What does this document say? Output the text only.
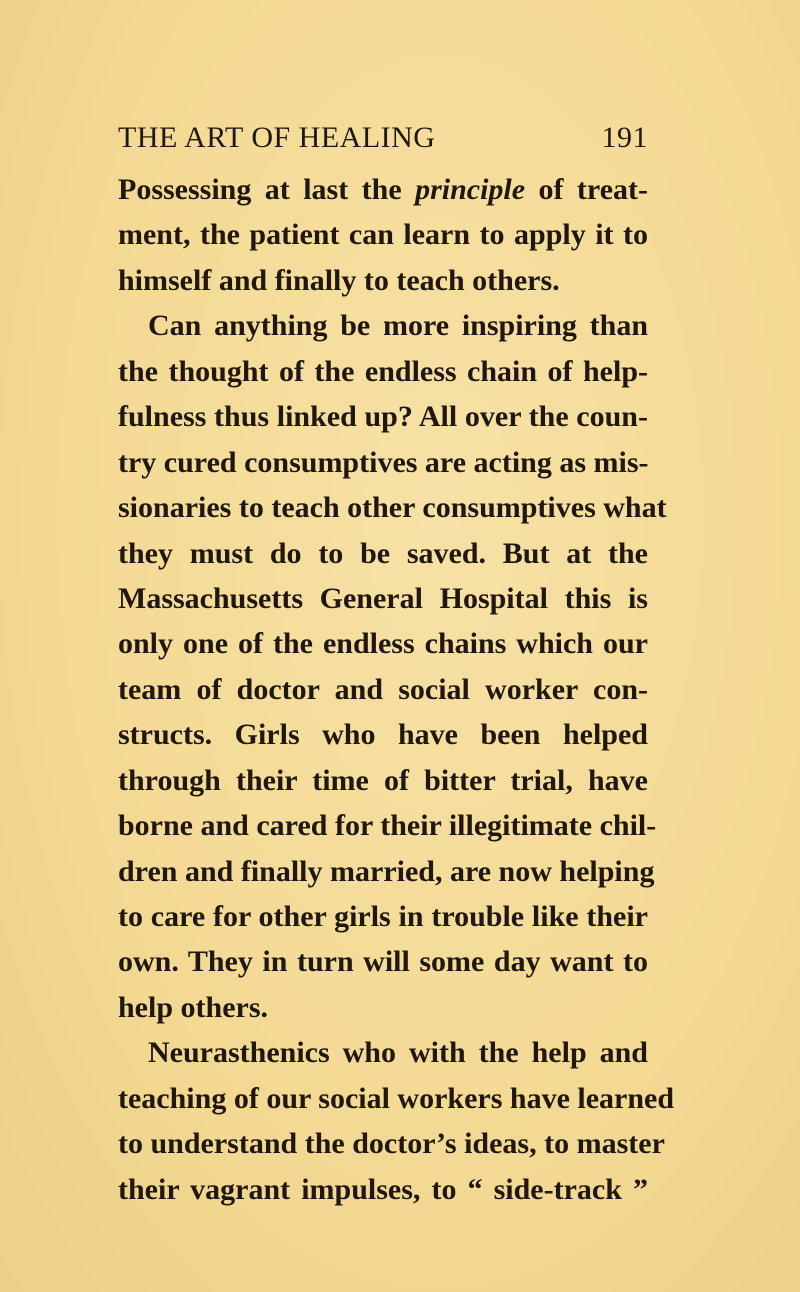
THE ART OF HEALING	191
Possessing at last the principle of treat-
ment, the patient can learn to apply it to
himself and finally to teach others.
Can anything be more inspiring than
the thought of the endless chain of help-
fulness thus linked up? All over the coun-
try cured consumptives are acting as mis-
sionaries to teach other consumptives what
they must do to be saved. But at the
Massachusetts General Hospital this is
only one of the endless chains which our
team of doctor and social worker con-
structs. Girls who have been helped
through their time of bitter trial, have
borne and cared for their illegitimate chil-
dren and finally married, are now helping
to care for other girls in trouble like their
own. They in turn will some day want to
help others.
Neurasthenics who with the help and
teaching of our social workers have learned
to understand the doctor’s ideas, to master
their vagrant impulses, to “ side-track ”
